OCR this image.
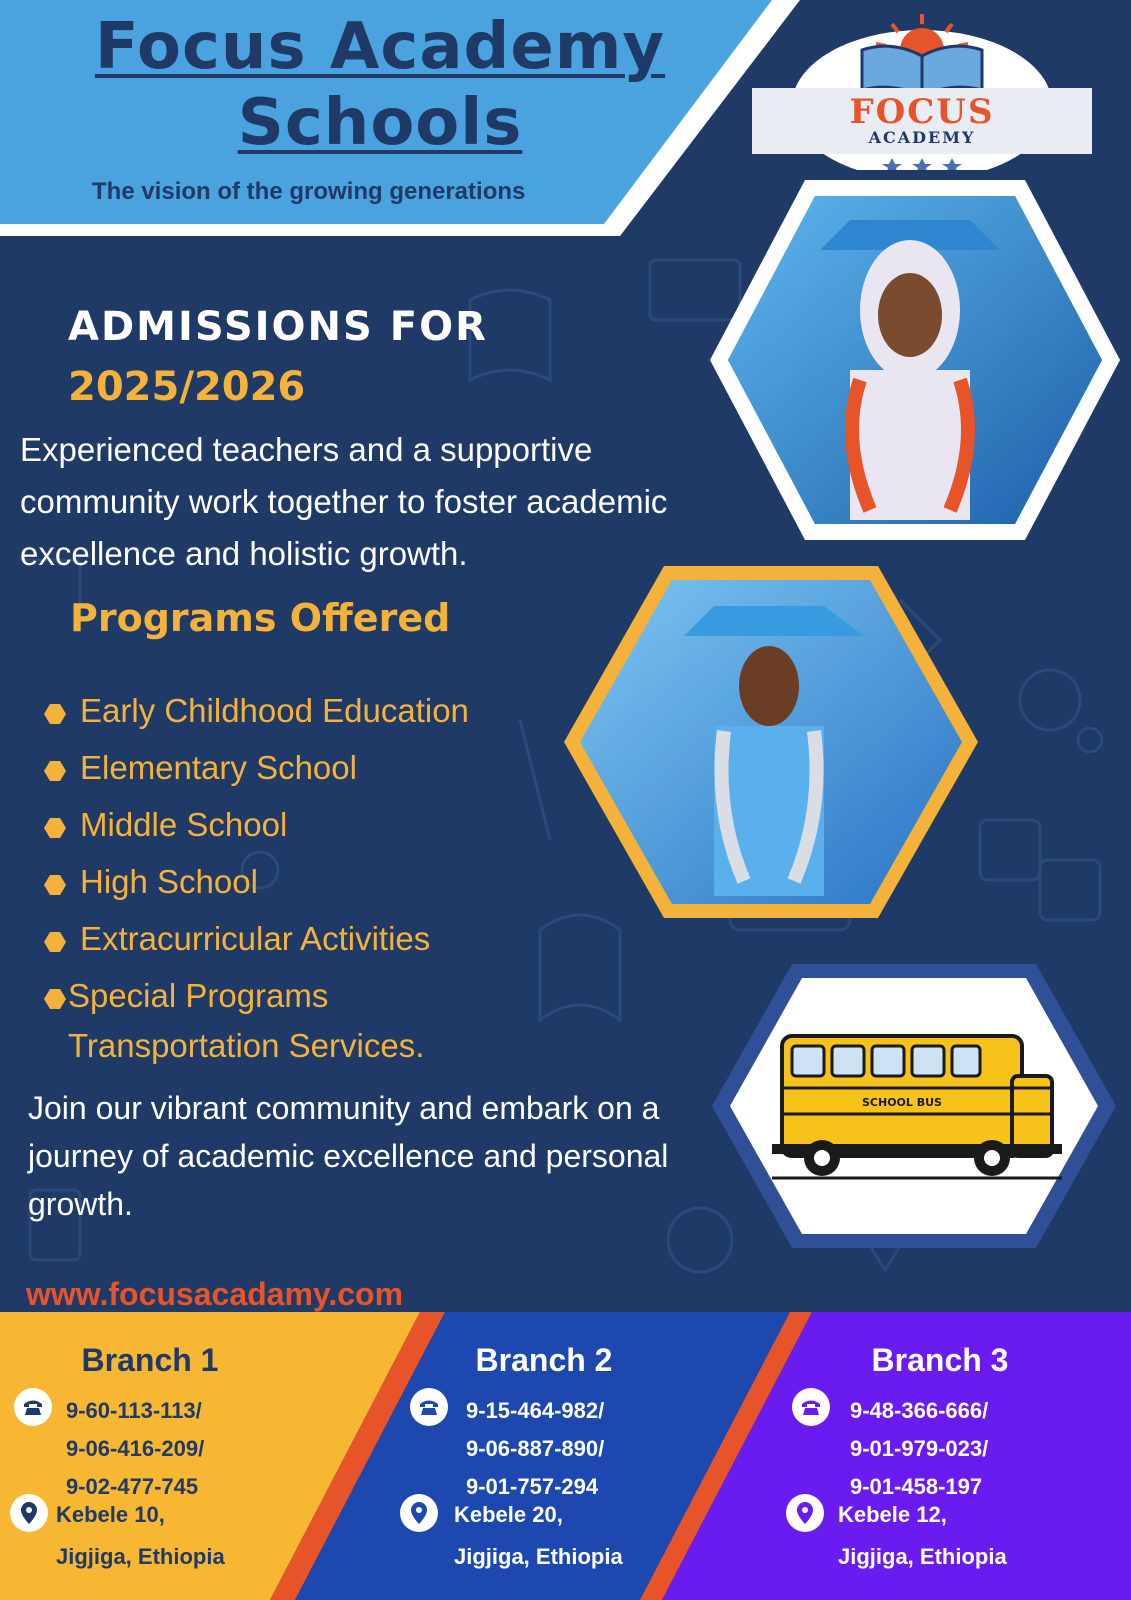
Focus Academy
Schools
The vision of the growing generations
FOCUS
ACADEMY
ADMISSIONS FOR
2025/2026
Experienced teachers and a supportive community work together to foster academic excellence and holistic growth.
Programs Offered
Early Childhood Education
Elementary School
Middle School
High School
Extracurricular Activities
Special Programs Transportation Services.
Join our vibrant community and embark on a journey of academic excellence and personal growth.
www.focusacadamy.com
SCHOOL BUS
Branch 1
9-60-113-113/
9-06-416-209/
9-02-477-745
Kebele 10,
Jigjiga, Ethiopia
Branch 2
9-15-464-982/
9-06-887-890/
9-01-757-294
Kebele 20,
Jigjiga, Ethiopia
Branch 3
9-48-366-666/
9-01-979-023/
9-01-458-197
Kebele 12,
Jigjiga, Ethiopia
